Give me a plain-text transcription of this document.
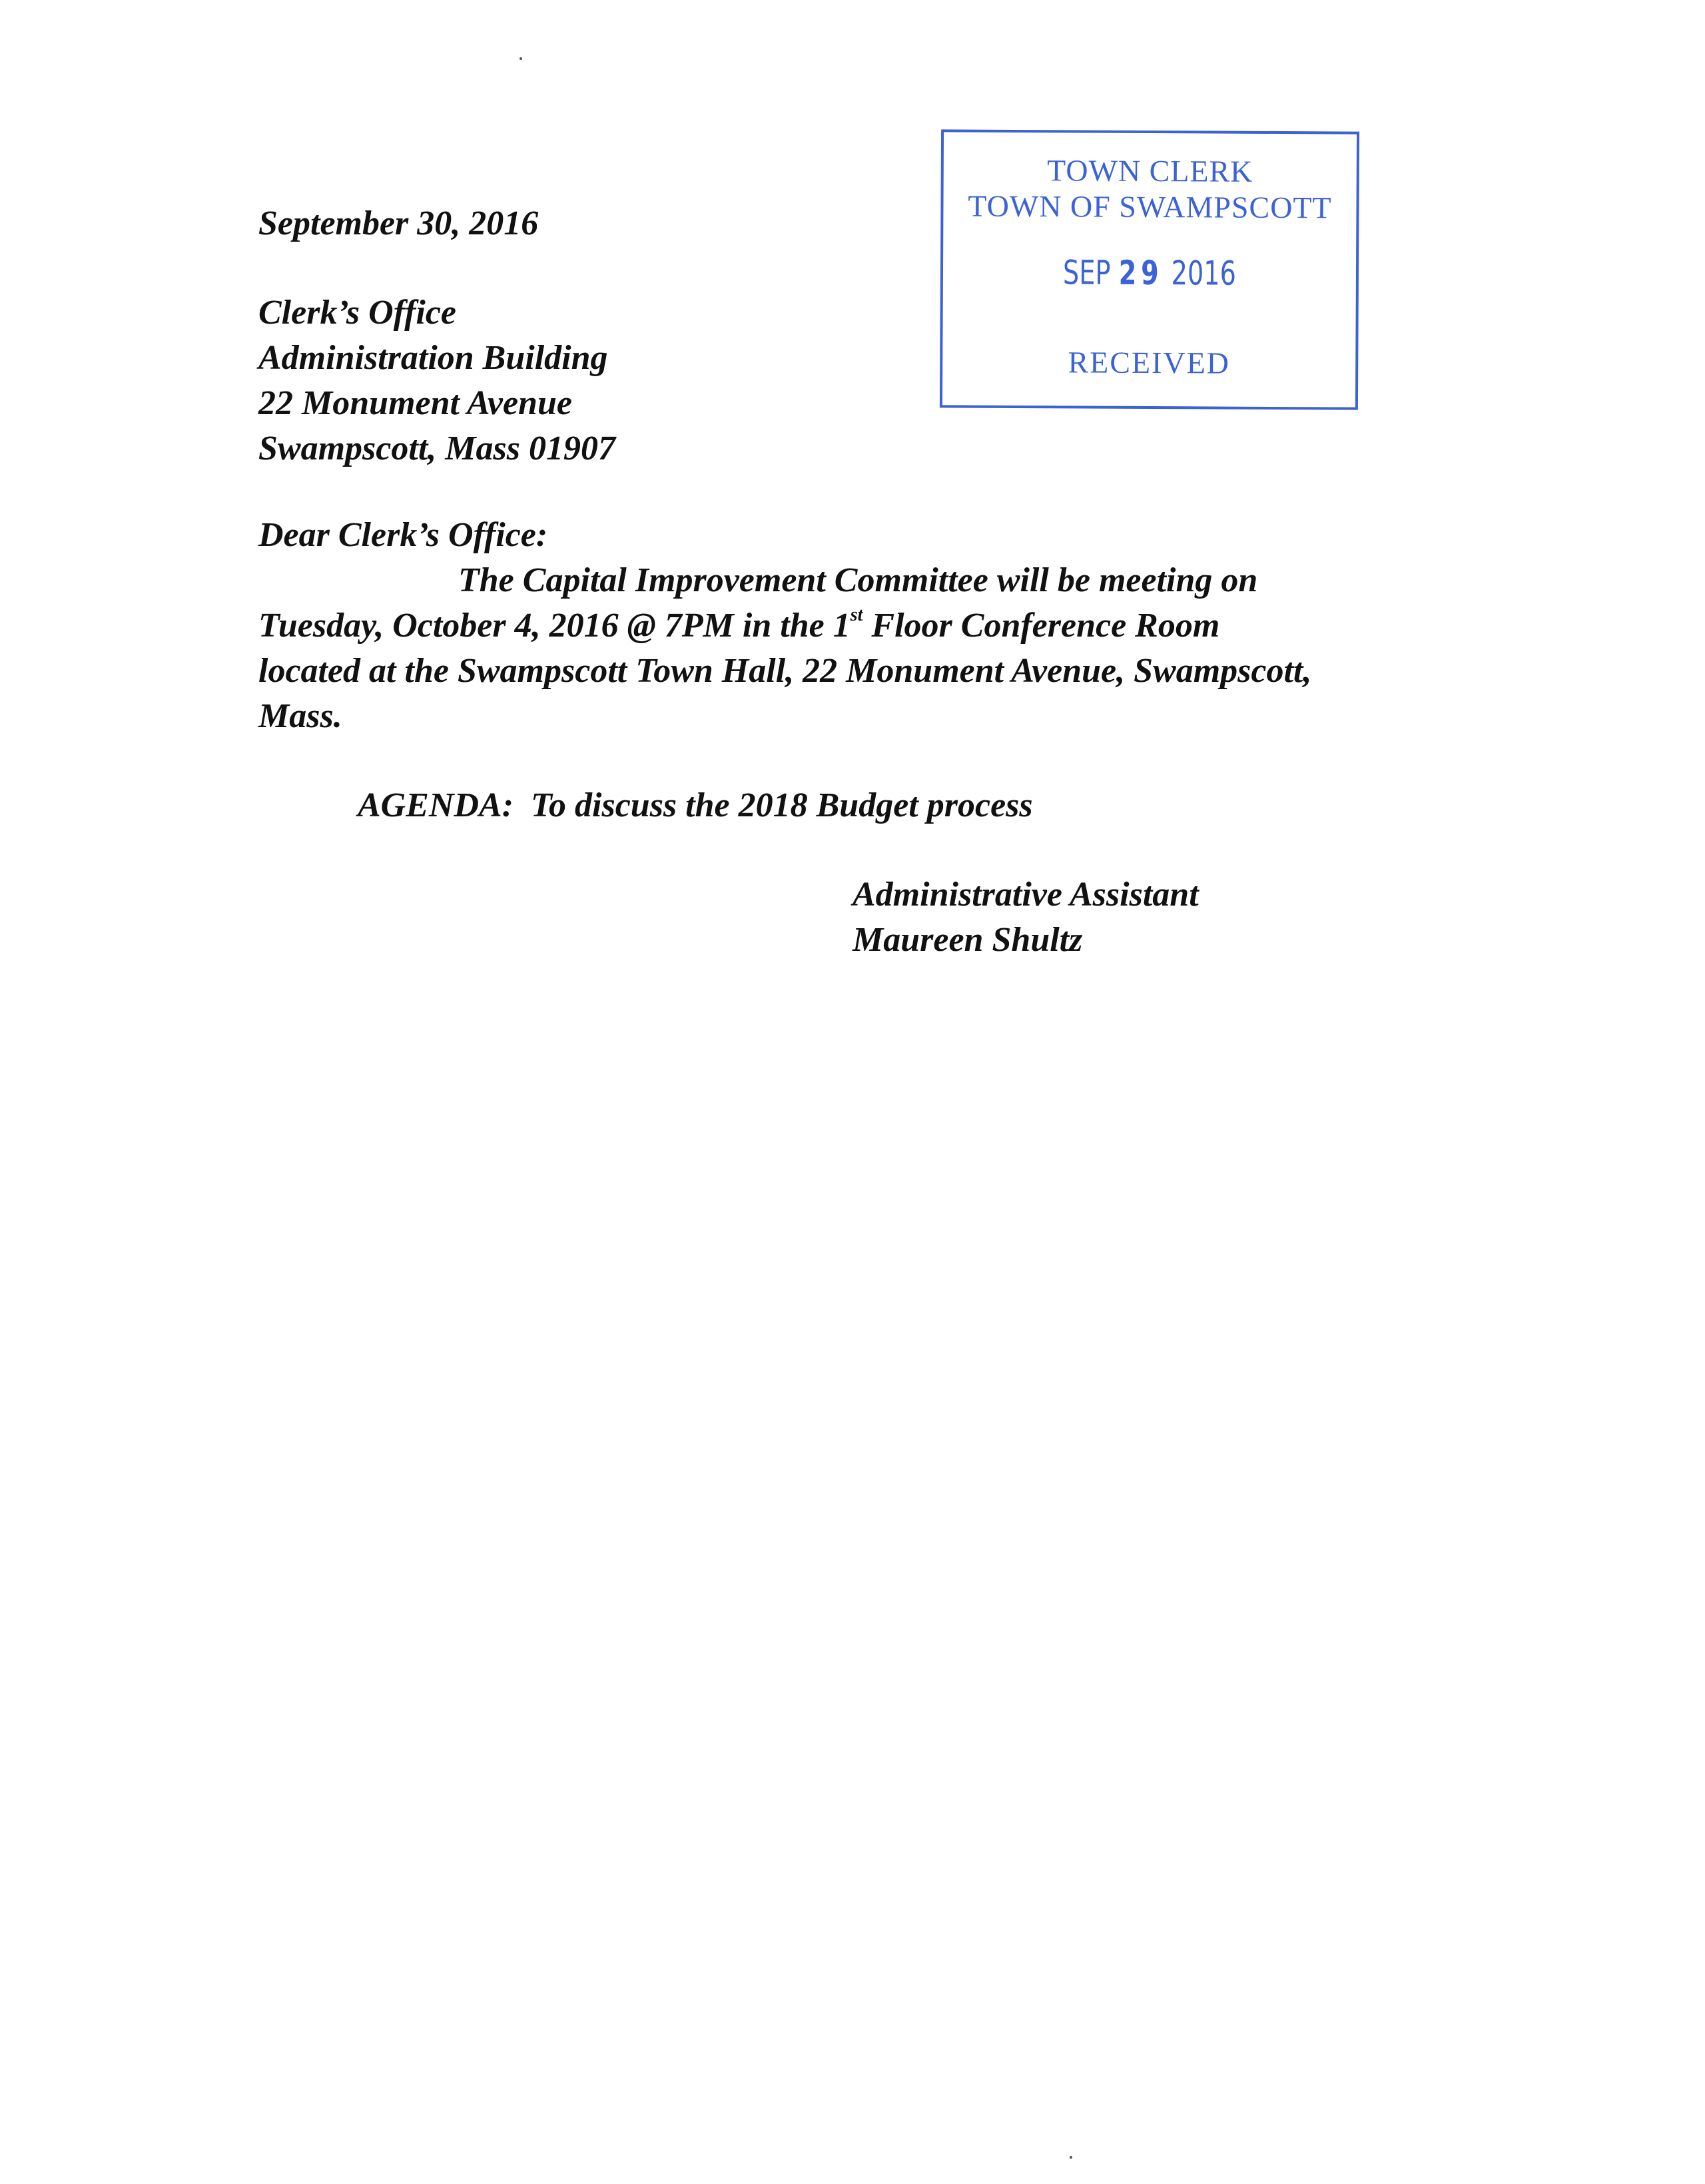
September 30, 2016

Clerk’s Office
Administration Building
22 Monument Avenue
Swampscott, Mass 01907

Dear Clerk’s Office:

The Capital Improvement Committee will be meeting on
Tuesday, October 4, 2016 @ 7PM in the 1st Floor Conference Room
located at the Swampscott Town Hall, 22 Monument Avenue, Swampscott,
Mass.

AGENDA:  To discuss the 2018 Budget process

Administrative Assistant
Maureen Shultz
TOWN CLERK
TOWN OF SWAMPSCOTT
SEP 29 2016
RECEIVED
